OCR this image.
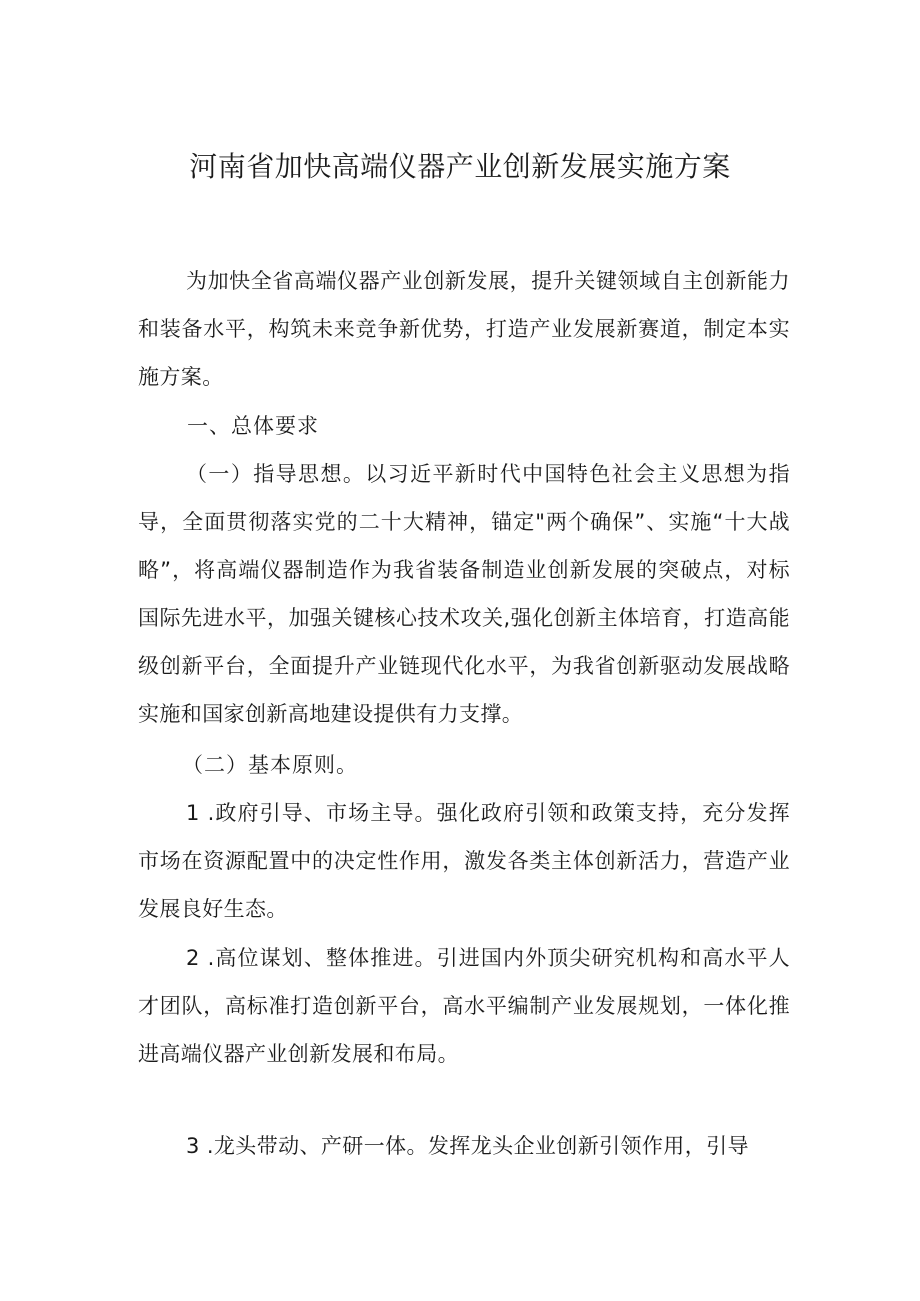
河南省加快高端仪器产业创新发展实施方案

为加快全省高端仪器产业创新发展，提升关键领域自主创新能力和装备水平，构筑未来竞争新优势，打造产业发展新赛道，制定本实施方案。

一、总体要求

（一）指导思想。以习近平新时代中国特色社会主义思想为指导，全面贯彻落实党的二十大精神，锚定"两个确保”、实施“十大战略”，将高端仪器制造作为我省装备制造业创新发展的突破点，对标国际先进水平，加强关键核心技术攻关,强化创新主体培育，打造高能级创新平台，全面提升产业链现代化水平，为我省创新驱动发展战略实施和国家创新高地建设提供有力支撑。

（二）基本原则。

1 .政府引导、市场主导。强化政府引领和政策支持，充分发挥市场在资源配置中的决定性作用，激发各类主体创新活力，营造产业发展良好生态。

2 .高位谋划、整体推进。引进国内外顶尖研究机构和高水平人才团队，高标准打造创新平台，高水平编制产业发展规划，一体化推进高端仪器产业创新发展和布局。

3 .龙头带动、产研一体。发挥龙头企业创新引领作用，引导
